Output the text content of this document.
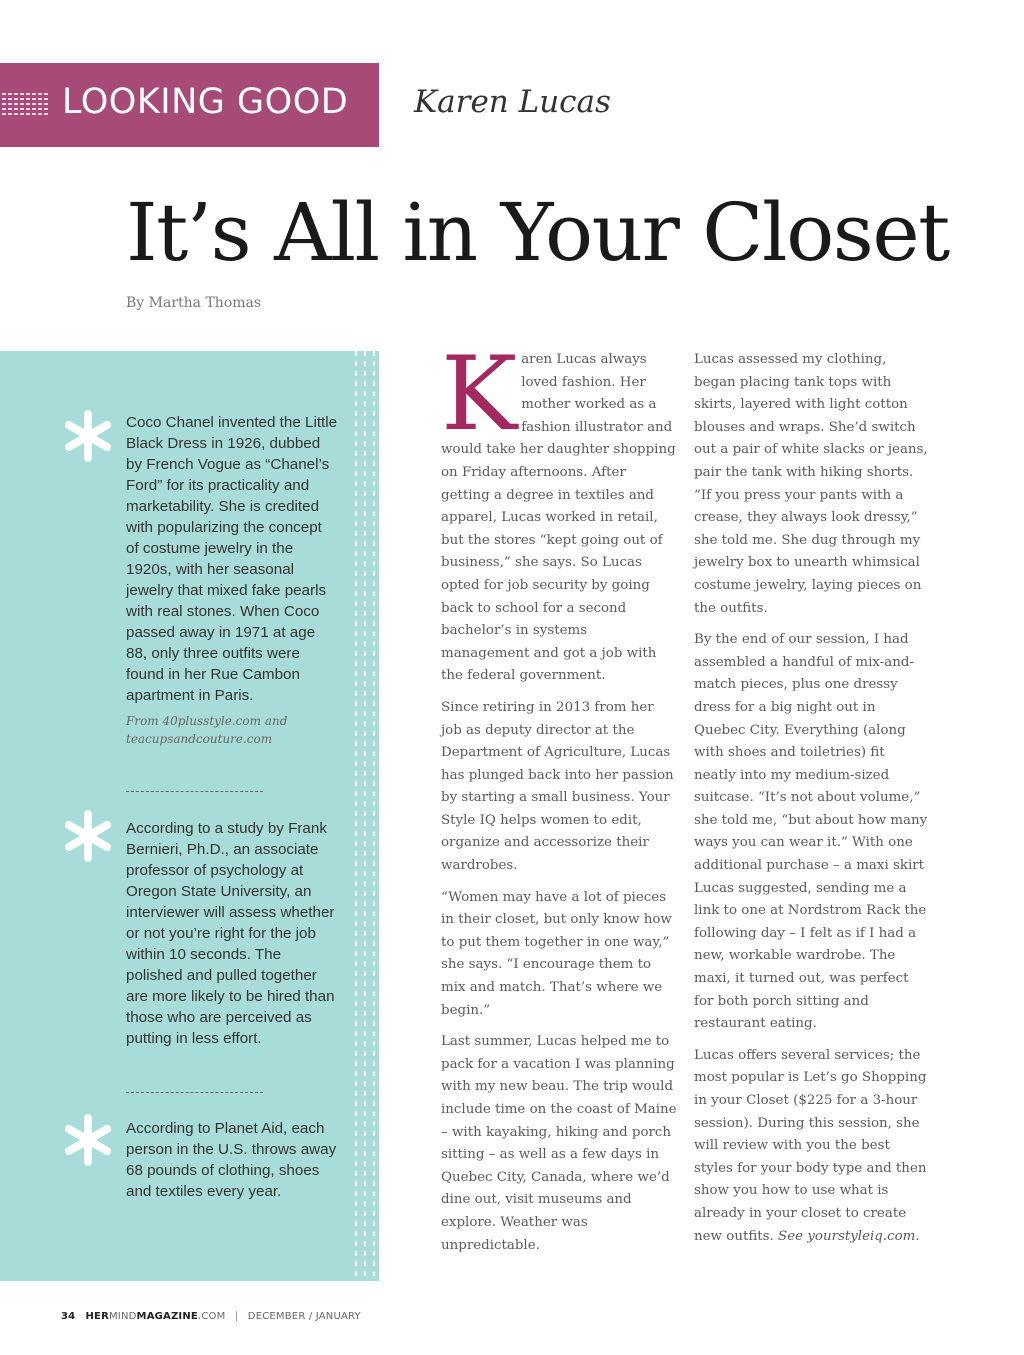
LOOKING GOOD Karen Lucas
It’s All in Your Closet
By Martha Thomas

Coco Chanel invented the Little Black Dress in 1926, dubbed by French Vogue as “Chanel’s Ford” for its practicality and marketability. She is credited with popularizing the concept of costume jewelry in the 1920s, with her seasonal jewelry that mixed fake pearls with real stones. When Coco passed away in 1971 at age 88, only three outfits were found in her Rue Cambon apartment in Paris.

From 40plusstyle.com and teacupsandcouture.com

According to a study by Frank Bernieri, Ph.D., an associate professor of psychology at Oregon State University, an interviewer will assess whether or not you’re right for the job within 10 seconds. The polished and pulled together are more likely to be hired than those who are perceived as putting in less effort.

According to Planet Aid, each person in the U.S. throws away 68 pounds of clothing, shoes and textiles every year.

Karen Lucas always loved fashion. Her mother worked as a fashion illustrator and would take her daughter shopping on Friday afternoons. After getting a degree in textiles and apparel, Lucas worked in retail, but the stores “kept going out of business,” she says. So Lucas opted for job security by going back to school for a second bachelor’s in systems management and got a job with the federal government.

Since retiring in 2013 from her job as deputy director at the Department of Agriculture, Lucas has plunged back into her passion by starting a small business. Your Style IQ helps women to edit, organize and accessorize their wardrobes.

“Women may have a lot of pieces in their closet, but only know how to put them together in one way,” she says. “I encourage them to mix and match. That’s where we begin.”

Last summer, Lucas helped me to pack for a vacation I was planning with my new beau. The trip would include time on the coast of Maine – with kayaking, hiking and porch sitting – as well as a few days in Quebec City, Canada, where we’d dine out, visit museums and explore. Weather was unpredictable.

Lucas assessed my clothing, began placing tank tops with skirts, layered with light cotton blouses and wraps. She’d switch out a pair of white slacks or jeans, pair the tank with hiking shorts. “If you press your pants with a crease, they always look dressy,” she told me. She dug through my jewelry box to unearth whimsical costume jewelry, laying pieces on the outfits.

By the end of our session, I had assembled a handful of mix-and-match pieces, plus one dressy dress for a big night out in Quebec City. Everything (along with shoes and toiletries) fit neatly into my medium-sized suitcase. “It’s not about volume,” she told me, “but about how many ways you can wear it.” With one additional purchase – a maxi skirt Lucas suggested, sending me a link to one at Nordstrom Rack the following day – I felt as if I had a new, workable wardrobe. The maxi, it turned out, was perfect for both porch sitting and restaurant eating.

Lucas offers several services; the most popular is Let’s go Shopping in your Closet ($225 for a 3-hour session). During this session, she will review with you the best styles for your body type and then show you how to use what is already in your closet to create new outfits. See yourstyleiq.com.

34 HERMINDMAGAZINE.COM | DECEMBER / JANUARY
